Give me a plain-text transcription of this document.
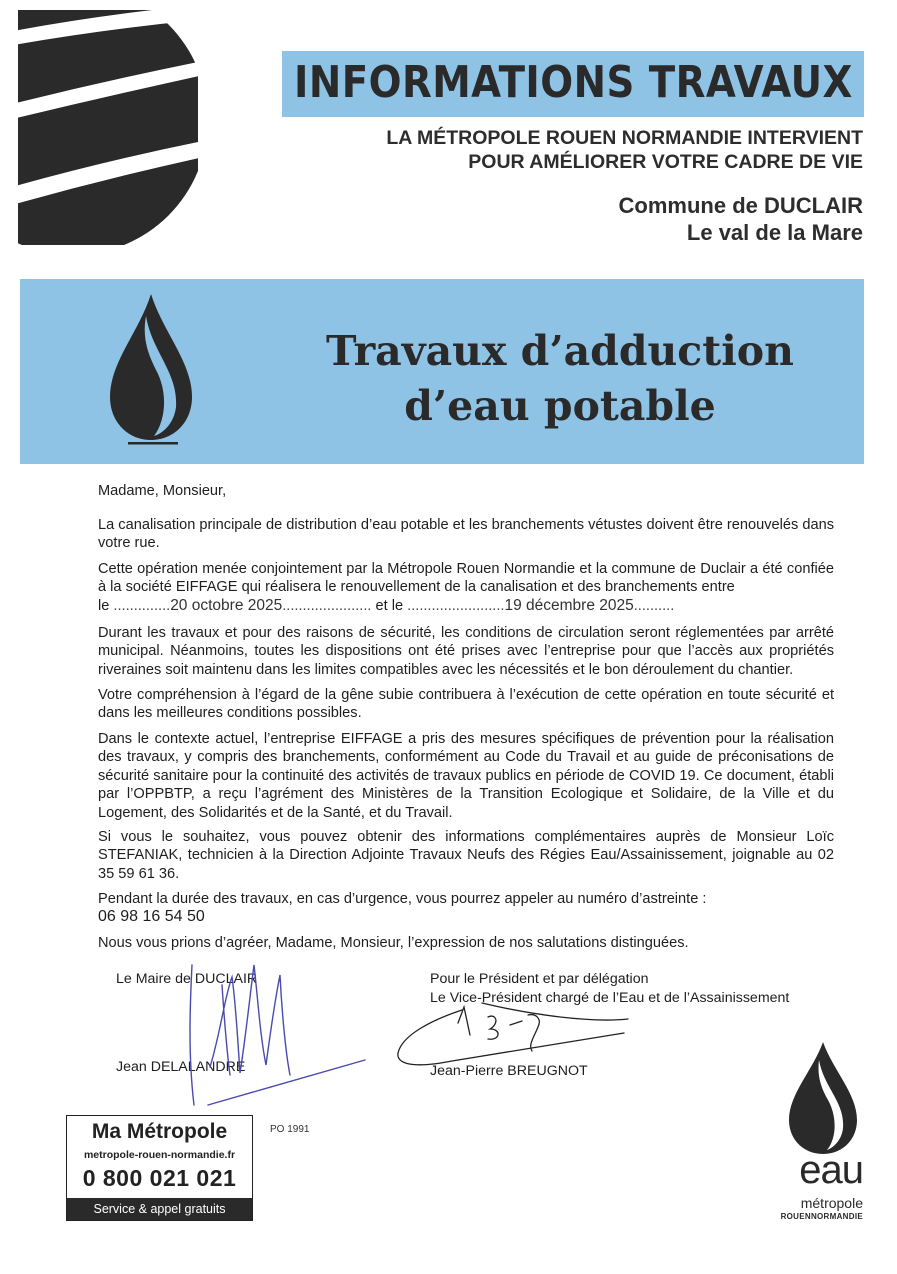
INFORMATIONS TRAVAUX
LA MÉTROPOLE ROUEN NORMANDIE INTERVIENT
POUR AMÉLIORER VOTRE CADRE DE VIE
Commune de DUCLAIR
Le val de la Mare
Travaux d’adduction
d’eau potable
Madame, Monsieur,
La canalisation principale de distribution d’eau potable et les branchements vétustes doivent être renouvelés dans votre rue.

Cette opération menée conjointement par la Métropole Rouen Normandie et la commune de Duclair a été confiée à la société EIFFAGE qui réalisera le renouvellement de la canalisation et des branchements entre

le ..............20 octobre 2025...................... et le ........................19 décembre 2025..........

Durant les travaux et pour des raisons de sécurité, les conditions de circulation seront réglementées par arrêté municipal. Néanmoins, toutes les dispositions ont été prises avec l’entreprise pour que l’accès aux propriétés riveraines soit maintenu dans les limites compatibles avec les nécessités et le bon déroulement du chantier.
Votre compréhension à l’égard de la gêne subie contribuera à l’exécution de cette opération en toute sécurité et dans les meilleures conditions possibles.
Dans le contexte actuel, l’entreprise EIFFAGE a pris des mesures spécifiques de prévention pour la réalisation des travaux, y compris des branchements, conformément au Code du Travail et au guide de préconisations de sécurité sanitaire pour la continuité des activités de travaux publics en période de COVID 19. Ce document, établi par l’OPPBTP, a reçu l’agrément des Ministères de la Transition Ecologique et Solidaire, de la Ville et du Logement, des Solidarités et de la Santé, et du Travail.
Si vous le souhaitez, vous pouvez obtenir des informations complémentaires auprès de Monsieur Loïc STEFANIAK, technicien à la Direction Adjointe Travaux Neufs des Régies Eau/Assainissement, joignable au 02 35 59 61 36.

Pendant la durée des travaux, en cas d’urgence, vous pourrez appeler au numéro d’astreinte :

06 98 16 54 50

Nous vous prions d’agréer, Madame, Monsieur, l’expression de nos salutations distinguées.
Le Maire de DUCLAIR
Jean DELALANDRE
Pour le Président et par délégation
Le Vice-Président chargé de l’Eau et de l’Assainissement
Jean-Pierre BREUGNOT
Ma Métropole
metropole-rouen-normandie.fr
0 800 021 021
Service & appel gratuits
PO 1991
eau
métropole
ROUENNORMANDIE
